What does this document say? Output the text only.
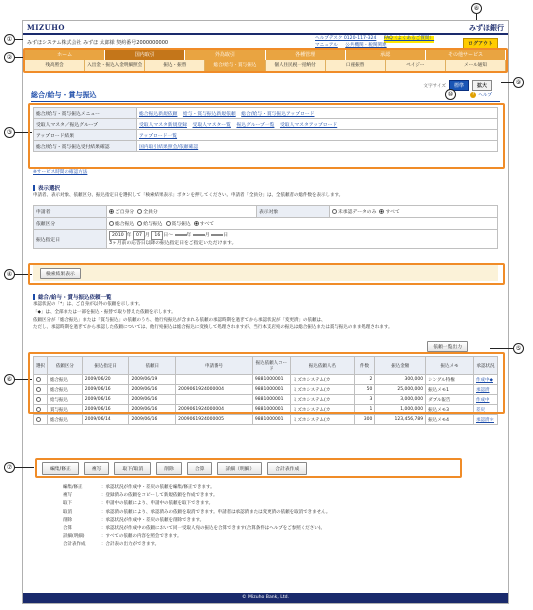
⑧
MIZUHO	みずほ銀行
みずほシステム株式会社 みずほ 太郎様 契約番号2000000000
ヘルプデスク 0120-117-324 FAQ（よくあるご質問） マニュアル 公共機関・税関関連	ログアウト
ホーム	国内取引	外為取引	各種管理	承認	その他サービス
残高照会	入出金・振込入金明細照会	振込・振替	総合/給与・賞与振込	個人住民税一括納付	口座振替	ペイジー	メール通知
文字サイズ	標準	拡大
? ヘルプ
総合/給与・賞与振込
総合/給与・賞与振込メニュー	総合振込新規依頼 給与・賞与振込新規依頼 総合/給与・賞与振込アップロード
受取人マスタ／振込グループ	受取人マスタ新規登録 受取人マスター覧 振込グループ一覧 受取人マスタアップロード
アップロード結果	アップロード一覧
総合/給与・賞与振込受付結果確認	国内取引結果照会/依頼確認
※サービス時間の確認方法
表示選択
申請者、表示対象、依頼区分、振込指定日を選択して「検索結果表示」ボタンを押してください。申請者「全員分」は、全依頼者の総件数を表示します。
申請者	ご自身分 全員分	表示対象	未承認データのみ すべて
依頼区分	総合振込 給与振込 賞与振込 すべて		
振込指定日	2010 年 07 月 16 日～ 年 月 日
3ヶ月前の応答日以降の振込指定日をご指定いただけます。		
検索結果表示
総合/給与・賞与振込依頼一覧
承認状況の「*」は、ご自身が以外の依頼を示します。
「◆」は、全部または一部を振込・振替で取り替えた依頼を示します。
依頼区分が「総合振込」または「賞与振込」の依頼のうち、他行宛振込が含まれる依頼の承認時期を過ぎてから承認状況が「変更済」の依頼は、
ただし、承認時期を過ぎてから承認した依頼については、他行宛振込は総合振込に変換して処理されますが、当行本支店宛の振込は総合振込または賞与振込のまま処理されます。
依頼一覧出力
選択	依頼区分	振込指定日	依頼日	申請番号	振込依頼人コード	振込依頼人名	件数	振込金額	振込メモ	承認状況
	総合振込	2009/06/20	2009/06/19		9881000001	ミズホシステム(カ	2	300,000	シングル特権	作成中◆
	総合振込	2009/06/16	2009/06/16	2009061924000004	9881000001	ミズホシステム(カ	50	25,000,000	振込メモ1	承認済
	給与振込	2009/06/16	2009/06/16		9881000001	ミズホシステム(カ	3	3,000,000	ダブル報告	作成中
	賞与振込	2009/06/16	2009/06/16	2009061924000004	9881000001	ミズホシステム(カ	1	1,000,000	振込メモ3	差戻
	総合振込	2009/06/14	2009/06/16	2009061924000005	9881000001	ミズホシステム(カ	300	123,456,789	振込メモ4	承認済＊
編集/修正	複写	取下/取消	削除	合算	詳細（明細）	合計表作成
編集/修正	：承認状況が作成中・差戻の依頼を編集/修正できます。
複写	：登録済みの依頼をコピーして新規依頼を作成できます。
取下	：申請中の依頼により、申請中の依頼を取下できます。
取消	：承認済の依頼により、承認済みの依頼を取消できます。申請者は承認済または変更済の依頼を取消できません。
削除	：承認状況が作成中・差戻の依頼を削除できます。
合算	：承認状況が作成中の依頼において同一受取人宛の振込を合算できます(合算条件はヘルプをご参照ください)。
詳細(明細)	：すべての依頼の内容を照会できます。
合計表作成	：合計表の出力ができます。
© Mizuho Bank, Ltd.
①
②
③
④
⑥
⑦
⑨
⑩
⑤
